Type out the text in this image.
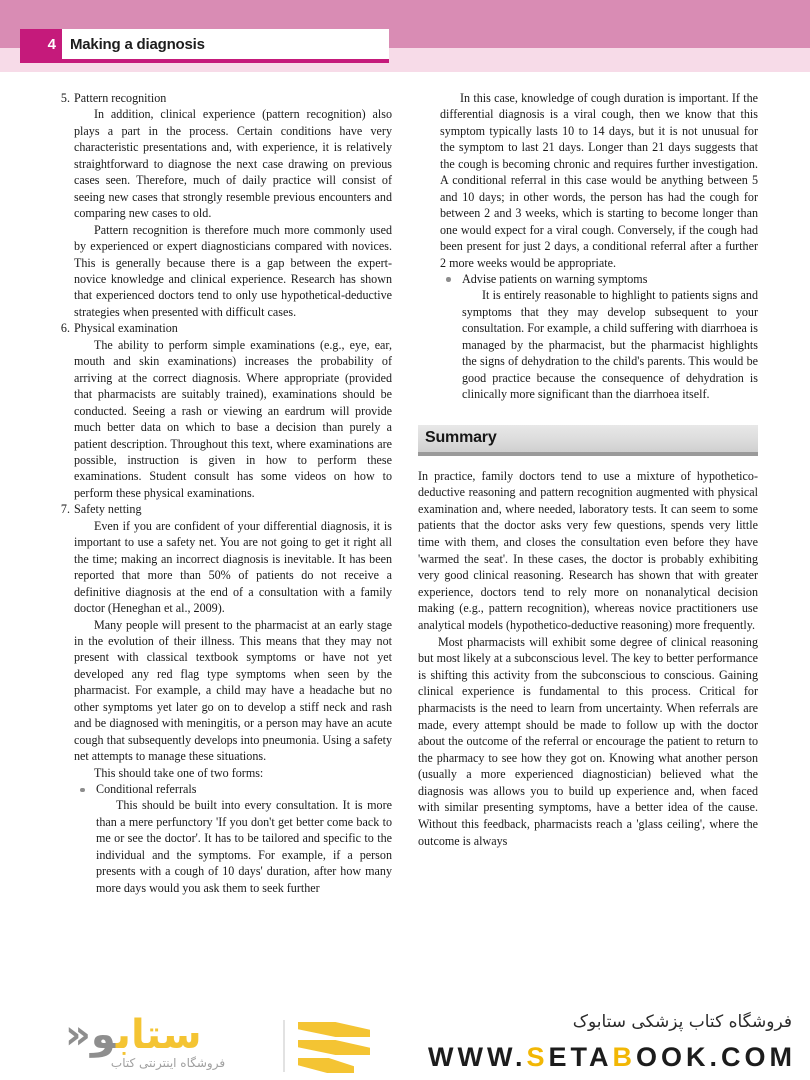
4 Making a diagnosis
5. Pattern recognition

In addition, clinical experience (pattern recognition) also plays a part in the process. Certain conditions have very characteristic presentations and, with experience, it is relatively straightforward to diagnose the next case drawing on previous cases seen. Therefore, much of daily practice will consist of seeing new cases that strongly resemble previous encounters and comparing new cases to old.

Pattern recognition is therefore much more commonly used by experienced or expert diagnosticians compared with novices. This is generally because there is a gap between the expert-novice knowledge and clinical experience. Research has shown that experienced doctors tend to only use hypothetical-deductive strategies when presented with difficult cases.

6. Physical examination

The ability to perform simple examinations (e.g., eye, ear, mouth and skin examinations) increases the probability of arriving at the correct diagnosis. Where appropriate (provided that pharmacists are suitably trained), examinations should be conducted. Seeing a rash or viewing an eardrum will provide much better data on which to base a decision than purely a patient description. Throughout this text, where examinations are possible, instruction is given in how to perform these examinations. Student consult has some videos on how to perform these physical examinations.

7. Safety netting

Even if you are confident of your differential diagnosis, it is important to use a safety net. You are not going to get it right all the time; making an incorrect diagnosis is inevitable. It has been reported that more than 50% of patients do not receive a definitive diagnosis at the end of a consultation with a family doctor (Heneghan et al., 2009).

Many people will present to the pharmacist at an early stage in the evolution of their illness. This means that they may not present with classical textbook symptoms or have not yet developed any red flag type symptoms when seen by the pharmacist. For example, a child may have a headache but no other symptoms yet later go on to develop a stiff neck and rash and be diagnosed with meningitis, or a person may have an acute cough that subsequently develops into pneumonia. Using a safety net attempts to manage these situations.

This should take one of two forms:

Conditional referrals

This should be built into every consultation. It is more than a mere perfunctory 'If you don't get better come back to me or see the doctor'. It has to be tailored and specific to the individual and the symptoms. For example, if a person presents with a cough of 10 days' duration, after how many more days would you ask them to seek further

In this case, knowledge of cough duration is important. If the differential diagnosis is a viral cough, then we know that this symptom typically lasts 10 to 14 days, but it is not unusual for the symptom to last 21 days. Longer than 21 days suggests that the cough is becoming chronic and requires further investigation. A conditional referral in this case would be anything between 5 and 10 days; in other words, the person has had the cough for between 2 and 3 weeks, which is starting to become longer than one would expect for a viral cough. Conversely, if the cough had been present for just 2 days, a conditional referral after a further 2 more weeks would be appropriate.

Advise patients on warning symptoms

It is entirely reasonable to highlight to patients signs and symptoms that they may develop subsequent to your consultation. For example, a child suffering with diarrhoea is managed by the pharmacist, but the pharmacist highlights the signs of dehydration to the child's parents. This would be good practice because the consequence of dehydration is clinically more significant than the diarrhoea itself.

Summary

In practice, family doctors tend to use a mixture of hypothetico-deductive reasoning and pattern recognition augmented with physical examination and, where needed, laboratory tests. It can seem to some patients that the doctor asks very few questions, spends very little time with them, and closes the consultation even before they have 'warmed the seat'. In these cases, the doctor is probably exhibiting very good clinical reasoning. Research has shown that with greater experience, doctors tend to rely more on nonanalytical decision making (e.g., pattern recognition), whereas novice practitioners use analytical models (hypothetico-deductive reasoning) more frequently.

Most pharmacists will exhibit some degree of clinical reasoning but most likely at a subconscious level. The key to better performance is shifting this activity from the subconscious to conscious. Gaining clinical experience is fundamental to this process. Critical for pharmacists is the need to learn from uncertainty. When referrals are made, every attempt should be made to follow up with the doctor about the outcome of the referral or encourage the patient to return to the pharmacy to see how they got on. Knowing what another person (usually a more experienced diagnostician) believed what the diagnosis was allows you to build up experience and, when faced with similar presenting symptoms, have a better idea of the cause. Without this feedback, pharmacists reach a 'glass ceiling', where the outcome is always

ستابو«
فروشگاه اینترنتی کتاب
فروشگاه کتاب پزشکی ستابوک
WWW.SETABOOK.COM
